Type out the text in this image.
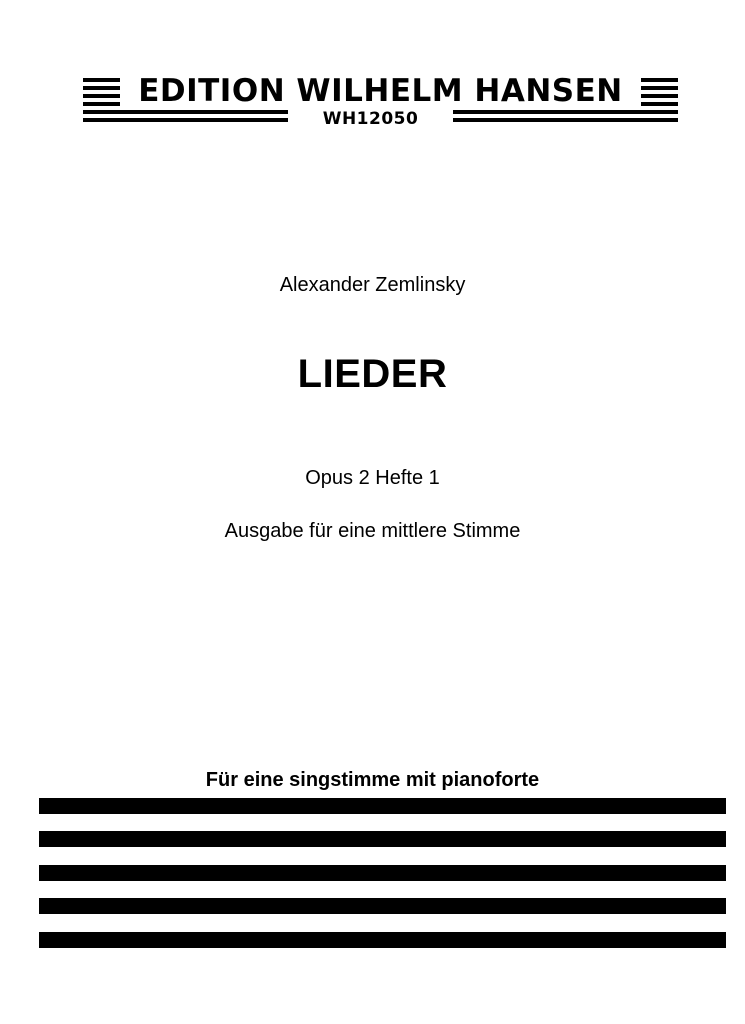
EDITION WILHELM HANSEN
WH12050
Alexander Zemlinsky
LIEDER
Opus 2 Hefte 1
Ausgabe für eine mittlere Stimme
Für eine singstimme mit pianoforte
